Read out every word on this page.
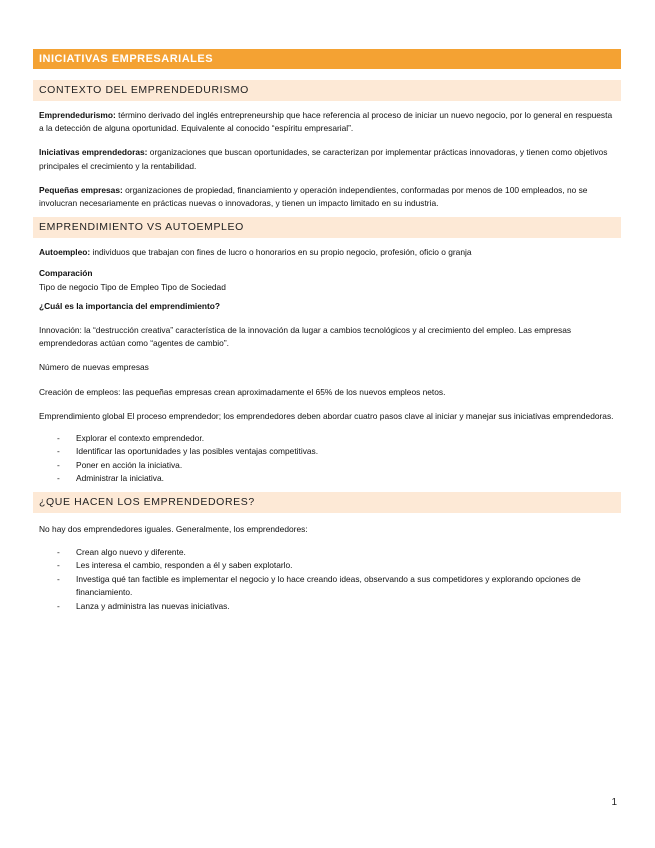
INICIATIVAS EMPRESARIALES
CONTEXTO DEL EMPRENDEDURISMO

Emprendedurismo: término derivado del inglés entrepreneurship que hace referencia al proceso de iniciar un nuevo negocio, por lo general en respuesta a la detección de alguna oportunidad. Equivalente al conocido “espíritu empresarial”.

Iniciativas emprendedoras: organizaciones que buscan oportunidades, se caracterizan por implementar prácticas innovadoras, y tienen como objetivos principales el crecimiento y la rentabilidad.

Pequeñas empresas: organizaciones de propiedad, financiamiento y operación independientes, conformadas por menos de 100 empleados, no se involucran necesariamente en prácticas nuevas o innovadoras, y tienen un impacto limitado en su industria.

EMPRENDIMIENTO VS AUTOEMPLEO

Autoempleo: individuos que trabajan con fines de lucro o honorarios en su propio negocio, profesión, oficio o granja

Comparación

Tipo de negocio Tipo de Empleo Tipo de Sociedad

¿Cuál es la importancia del emprendimiento?

Innovación: la “destrucción creativa” característica de la innovación da lugar a cambios tecnológicos y al crecimiento del empleo. Las empresas emprendedoras actúan como “agentes de cambio”.

Número de nuevas empresas

Creación de empleos: las pequeñas empresas crean aproximadamente el 65% de los nuevos empleos netos.

Emprendimiento global El proceso emprendedor; los emprendedores deben abordar cuatro pasos clave al iniciar y manejar sus iniciativas emprendedoras.

- Explorar el contexto emprendedor.
- Identificar las oportunidades y las posibles ventajas competitivas.
- Poner en acción la iniciativa.
- Administrar la iniciativa.
¿QUE HACEN LOS EMPRENDEDORES?

No hay dos emprendedores iguales. Generalmente, los emprendedores:

- Crean algo nuevo y diferente.
- Les interesa el cambio, responden a él y saben explotarlo.
- Investiga qué tan factible es implementar el negocio y lo hace creando ideas, observando a sus competidores y explorando opciones de financiamiento.
- Lanza y administra las nuevas iniciativas.
1
